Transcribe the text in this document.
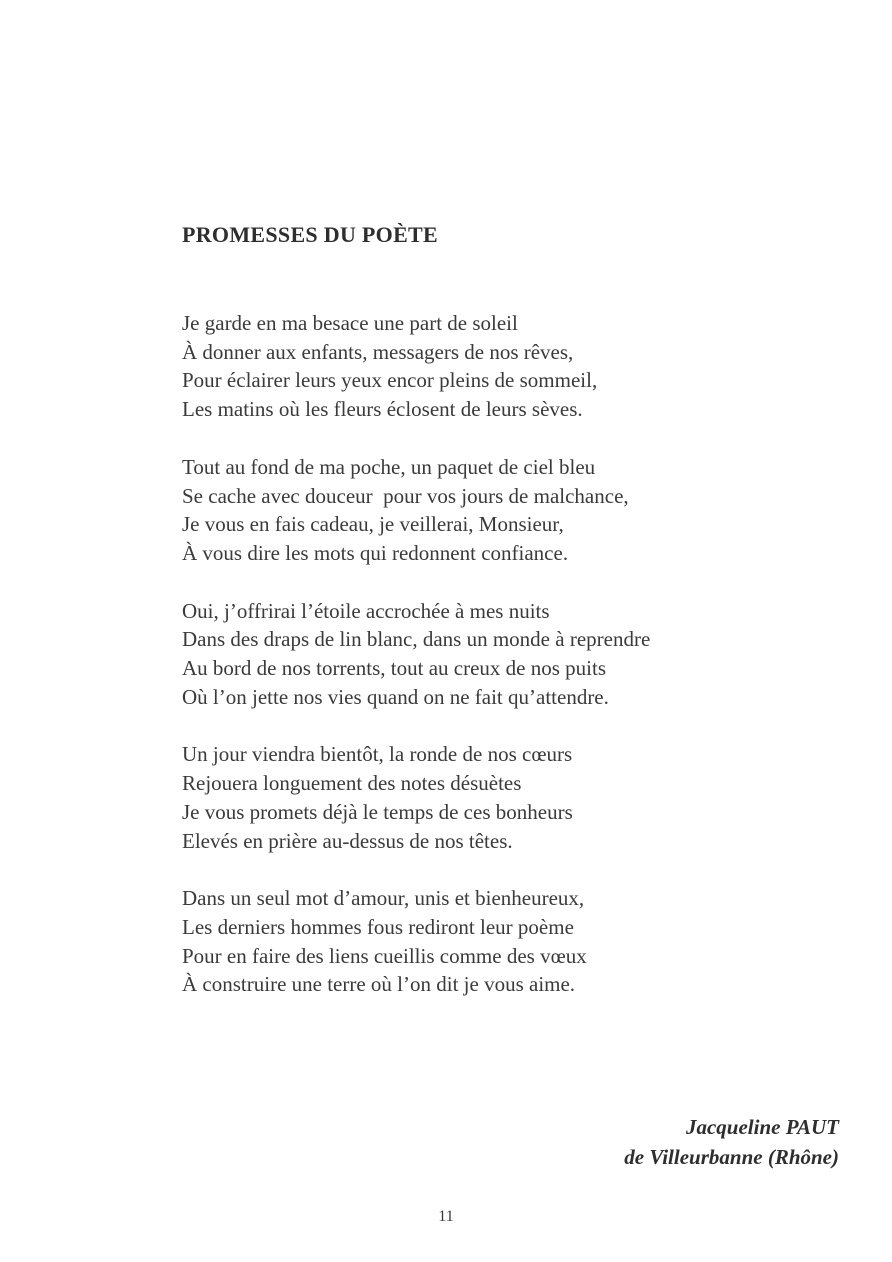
PROMESSES DU POÈTE
Je garde en ma besace une part de soleil
À donner aux enfants, messagers de nos rêves,
Pour éclairer leurs yeux encor pleins de sommeil,
Les matins où les fleurs éclosent de leurs sèves.
Tout au fond de ma poche, un paquet de ciel bleu
Se cache avec douceur  pour vos jours de malchance,
Je vous en fais cadeau, je veillerai, Monsieur,
À vous dire les mots qui redonnent confiance.
Oui, j’offrirai l’étoile accrochée à mes nuits
Dans des draps de lin blanc, dans un monde à reprendre
Au bord de nos torrents, tout au creux de nos puits
Où l’on jette nos vies quand on ne fait qu’attendre.
Un jour viendra bientôt, la ronde de nos cœurs
Rejouera longuement des notes désuètes
Je vous promets déjà le temps de ces bonheurs
Elevés en prière au-dessus de nos têtes.
Dans un seul mot d’amour, unis et bienheureux,
Les derniers hommes fous rediront leur poème
Pour en faire des liens cueillis comme des vœux
À construire une terre où l’on dit je vous aime.
Jacqueline PAUT
de Villeurbanne (Rhône)
11
